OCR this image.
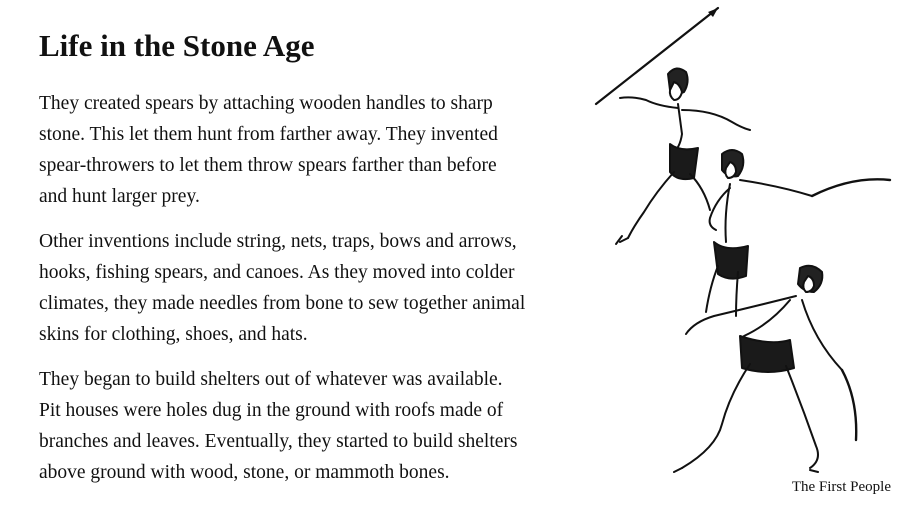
Life in the Stone Age

They created spears by attaching wooden handles to sharp
stone. This let them hunt from farther away. They invented
spear-throwers to let them throw spears farther than before
and hunt larger prey.

Other inventions include string, nets, traps, bows and arrows,
hooks, fishing spears, and canoes. As they moved into colder
climates, they made needles from bone to sew together animal
skins for clothing, shoes, and hats.

They began to build shelters out of whatever was available.
Pit houses were holes dug in the ground with roofs made of
branches and leaves. Eventually, they started to build shelters
above ground with wood, stone, or mammoth bones.

The First People
